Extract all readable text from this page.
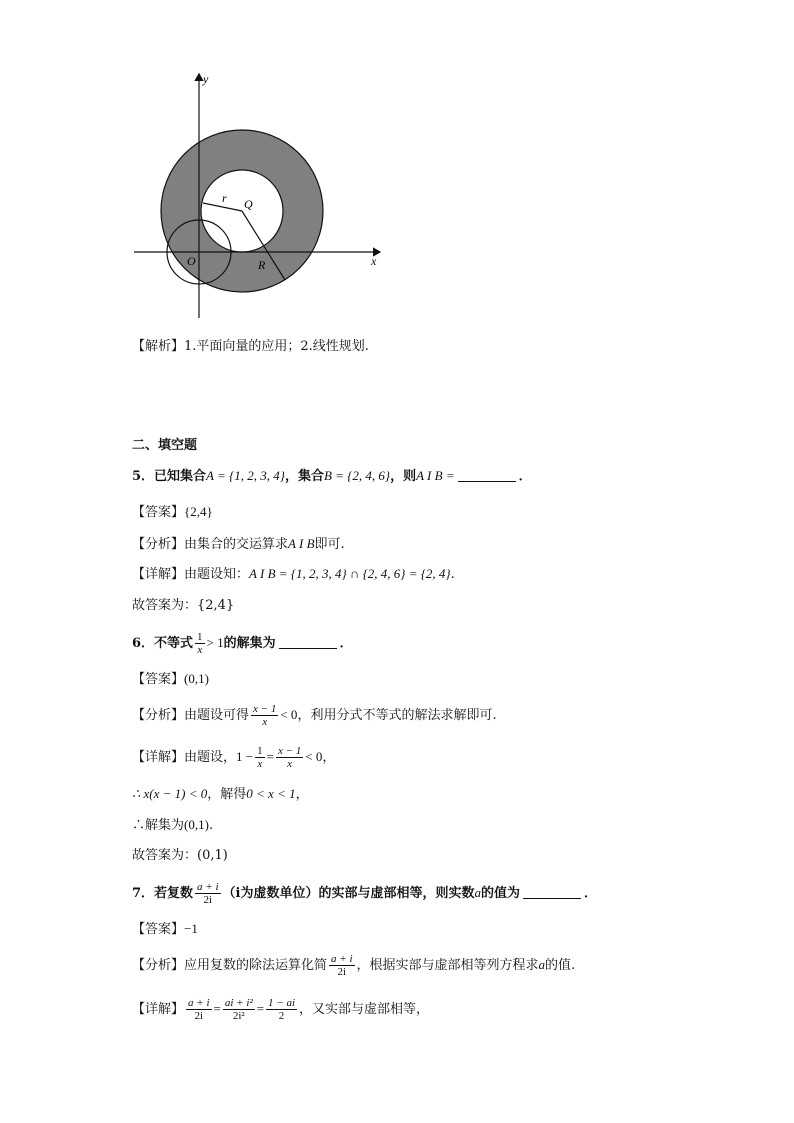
y
x
r Q
O	R
【解析】1.平面向量的应用；2.线性规划.
二、填空题
5．已知集合A = {1, 2, 3, 4}，集合B = {2, 4, 6}，则A I B =	．
【答案】{2,4}
【分析】由集合的交运算求A I B即可.
【详解】由题设知：A I B = {1, 2, 3, 4} ∩ {2, 4, 6} = {2, 4}.
故答案为：{2,4}
6．不等式 $\frac{1}{x} > 1$的解集为	．
【答案】(0,1)
【分析】由题设可得 $\frac{x - 1}{x} < 0$，利用分式不等式的解法求解即可.
【详解】由题设，$1 - \frac{1}{x} = \frac{x - 1}{x} < 0$，
∴ x(x − 1) < 0，解得0 < x < 1，
∴解集为(0,1).
故答案为：(0,1)
7．若复数 $\frac{a + i}{2i} (i$为虚数单位）的实部与虚部相等，则实数a的值为	．
【答案】−1
【分析】应用复数的除法运算化简 $\frac{a + i}{2i}$ ，根据实部与虚部相等列方程求a的值.
【详解】 $\frac{a + i}{2i} = \frac{\text{ai + i²}}{\text{2i²}} = \frac{1 - ai}{2}$ ，又实部与虚部相等，
